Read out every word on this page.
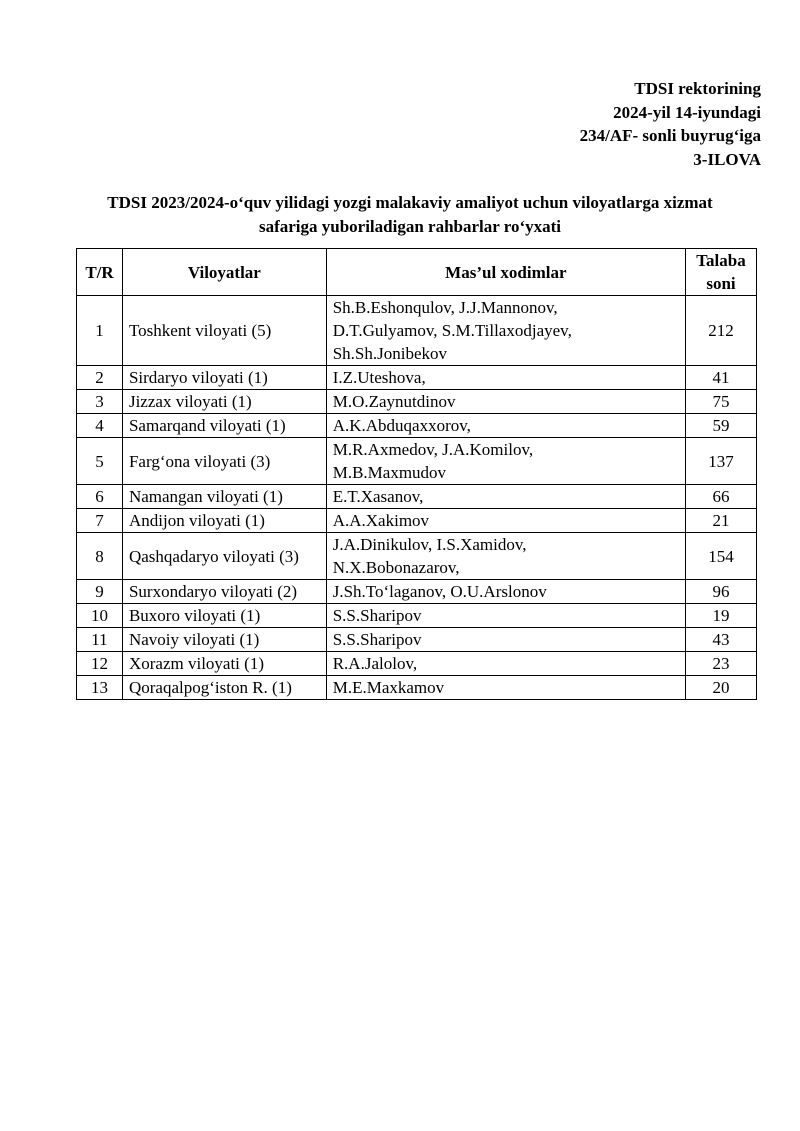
TDSI rektorining
2024-yil 14-iyundagi
234/AF- sonli buyrug‘iga
3-ILOVA
TDSI 2023/2024-o‘quv yilidagi yozgi malakaviy amaliyot uchun viloyatlarga xizmat
safariga yuboriladigan rahbarlar ro‘yxati
T/R	Viloyatlar	Mas’ul xodimlar	Talaba
soni

1	Toshkent viloyati (5)	Sh.B.Eshonqulov, J.J.Mannonov,
D.T.Gulyamov, S.M.Tillaxodjayev,
Sh.Sh.Jonibekov	212
2	Sirdaryo viloyati (1)	I.Z.Uteshova,	41
3	Jizzax viloyati (1)	M.O.Zaynutdinov	75
4	Samarqand viloyati (1)	A.K.Abduqaxxorov,	59
5	Farg‘ona viloyati (3)	M.R.Axmedov, J.A.Komilov,
M.B.Maxmudov	137
6	Namangan viloyati (1)	E.T.Xasanov,	66
7	Andijon viloyati (1)	A.A.Xakimov	21
8	Qashqadaryo viloyati (3)	J.A.Dinikulov, I.S.Xamidov,
N.X.Bobonazarov,	154
9	Surxondaryo viloyati (2)	J.Sh.To‘laganov, O.U.Arslonov	96
10	Buxoro viloyati (1)	S.S.Sharipov	19
11	Navoiy viloyati (1)	S.S.Sharipov	43
12	Xorazm viloyati (1)	R.A.Jalolov,	23
13	Qoraqalpog‘iston R. (1)	M.E.Maxkamov	20
